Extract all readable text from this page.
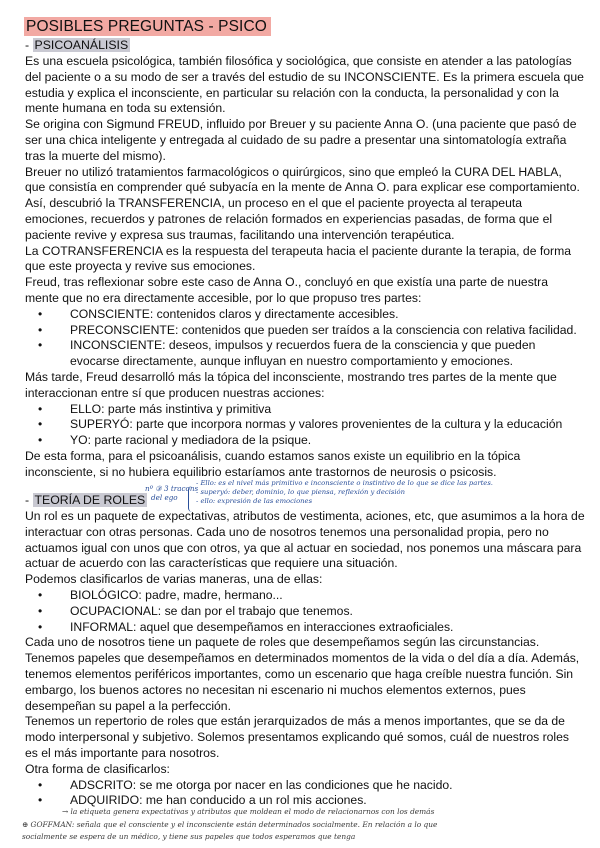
POSIBLES PREGUNTAS - PSICO
- PSICOANÁLISIS

Es una escuela psicológica, también filosófica y sociológica, que consiste en atender a las patologías del paciente o a su modo de ser a través del estudio de su INCONSCIENTE. Es la primera escuela que estudia y explica el inconsciente, en particular su relación con la conducta, la personalidad y con la mente humana en toda su extensión.

Se origina con Sigmund FREUD, influido por Breuer y su paciente Anna O. (una paciente que pasó de ser una chica inteligente y entregada al cuidado de su padre a presentar una sintomatología extraña tras la muerte del mismo).

Breuer no utilizó tratamientos farmacológicos o quirúrgicos, sino que empleó la CURA DEL HABLA, que consistía en comprender qué subyacía en la mente de Anna O. para explicar ese comportamiento.

Así, descubrió la TRANSFERENCIA, un proceso en el que el paciente proyecta al terapeuta emociones, recuerdos y patrones de relación formados en experiencias pasadas, de forma que el paciente revive y expresa sus traumas, facilitando una intervención terapéutica.

La COTRANSFERENCIA es la respuesta del terapeuta hacia el paciente durante la terapia, de forma que este proyecta y revive sus emociones.

Freud, tras reflexionar sobre este caso de Anna O., concluyó en que existía una parte de nuestra mente que no era directamente accesible, por lo que propuso tres partes:

• CONSCIENTE: contenidos claros y directamente accesibles.
• PRECONSCIENTE: contenidos que pueden ser traídos a la consciencia con relativa facilidad.
• INCONSCIENTE: deseos, impulsos y recuerdos fuera de la consciencia y que pueden evocarse directamente, aunque influyan en nuestro comportamiento y emociones.

Más tarde, Freud desarrolló más la tópica del inconsciente, mostrando tres partes de la mente que interaccionan entre sí que producen nuestras acciones:

• ELLO: parte más instintiva y primitiva
• SUPERYÓ: parte que incorpora normas y valores provenientes de la cultura y la educación
• YO: parte racional y mediadora de la psique.

De esta forma, para el psicoanálisis, cuando estamos sanos existe un equilibrio en la tópica inconsciente, si no hubiera equilibrio estaríamos ante trastornos de neurosis o psicosis.

- TEORÍA DE ROLES
nº ③ 3 tracons
del ego
- Ello: es el nivel más primitivo e inconsciente o instintivo de lo que se dice las partes.
- superyó: deber, dominio, lo que piensa, reflexión y decisión
- ello: expresión de las emociones

Un rol es un paquete de expectativas, atributos de vestimenta, aciones, etc, que asumimos a la hora de interactuar con otras personas. Cada uno de nosotros tenemos una personalidad propia, pero no actuamos igual con unos que con otros, ya que al actuar en sociedad, nos ponemos una máscara para actuar de acuerdo con las características que requiere una situación.

Podemos clasificarlos de varias maneras, una de ellas:

• BIOLÓGICO: padre, madre, hermano...
• OCUPACIONAL: se dan por el trabajo que tenemos.
• INFORMAL: aquel que desempeñamos en interacciones extraoficiales.

Cada uno de nosotros tiene un paquete de roles que desempeñamos según las circunstancias. Tenemos papeles que desempeñamos en determinados momentos de la vida o del día a día. Además, tenemos elementos periféricos importantes, como un escenario que haga creíble nuestra función. Sin embargo, los buenos actores no necesitan ni escenario ni muchos elementos externos, pues desempeñan su papel a la perfección.

Tenemos un repertorio de roles que están jerarquizados de más a menos importantes, que se da de modo interpersonal y subjetivo. Solemos presentamos explicando qué somos, cuál de nuestros roles es el más importante para nosotros.

Otra forma de clasificarlos:

• ADSCRITO: se me otorga por nacer en las condiciones que he nacido.
• ADQUIRIDO: me han conducido a un rol mis acciones.
→ la etiqueta genera expectativas y atributos que moldean el modo de relacionarnos con los demás
⊕ GOFFMAN: señala que el consciente y el inconsciente están determinados socialmente. En relación a lo que
socialmente se espera de un médico, y tiene sus papeles que todos esperamos que tenga
